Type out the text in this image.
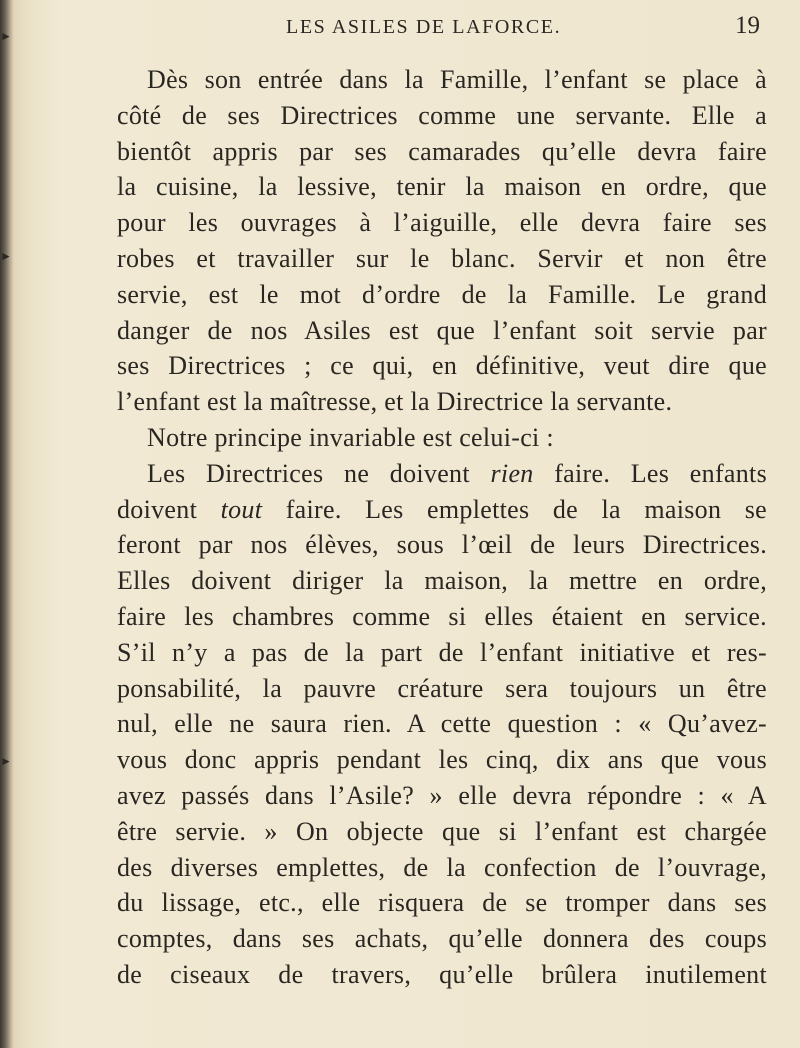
►
►
►
LES ASILES DE LAFORCE.	19
Dès son entrée dans la Famille, l’enfant se place à
côté de ses Directrices comme une servante. Elle a
bientôt appris par ses camarades qu’elle devra faire
la cuisine, la lessive, tenir la maison en ordre, que
pour les ouvrages à l’aiguille, elle devra faire ses
robes et travailler sur le blanc. Servir et non être
servie, est le mot d’ordre de la Famille. Le grand
danger de nos Asiles est que l’enfant soit servie par
ses Directrices ; ce qui, en définitive, veut dire que
l’enfant est la maîtresse, et la Directrice la servante.
Notre principe invariable est celui-ci :
Les Directrices ne doivent rien faire. Les enfants
doivent tout faire. Les emplettes de la maison se
feront par nos élèves, sous l’œil de leurs Directrices.
Elles doivent diriger la maison, la mettre en ordre,
faire les chambres comme si elles étaient en service.
S’il n’y a pas de la part de l’enfant initiative et res-
ponsabilité, la pauvre créature sera toujours un être
nul, elle ne saura rien. A cette question : « Qu’avez-
vous donc appris pendant les cinq, dix ans que vous
avez passés dans l’Asile? » elle devra répondre : « A
être servie. » On objecte que si l’enfant est chargée
des diverses emplettes, de la confection de l’ouvrage,
du lissage, etc., elle risquera de se tromper dans ses
comptes, dans ses achats, qu’elle donnera des coups
de ciseaux de travers, qu’elle brûlera inutilement
